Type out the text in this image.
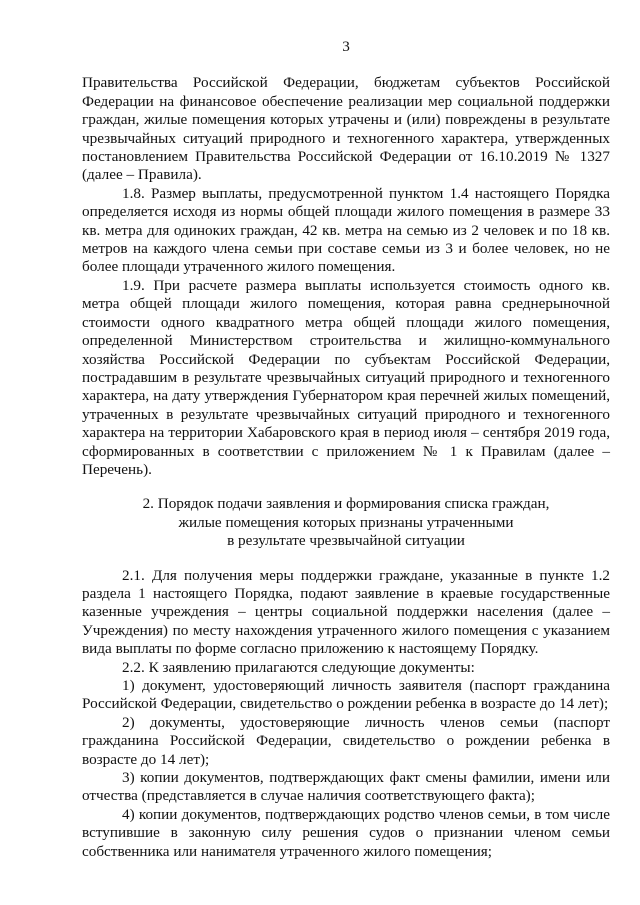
3

Правительства Российской Федерации, бюджетам субъектов Российской Федерации на финансовое обеспечение реализации мер социальной поддержки граждан, жилые помещения которых утрачены и (или) повреждены в результате чрезвычайных ситуаций природного и техногенного характера, утвержденных постановлением Правительства Российской Федерации от 16.10.2019 № 1327 (далее – Правила).

1.8. Размер выплаты, предусмотренной пунктом 1.4 настоящего Порядка определяется исходя из нормы общей площади жилого помещения в размере 33 кв. метра для одиноких граждан, 42 кв. метра на семью из 2 человек и по 18 кв. метров на каждого члена семьи при составе семьи из 3 и более человек, но не более площади утраченного жилого помещения.

1.9. При расчете размера выплаты используется стоимость одного кв. метра общей площади жилого помещения, которая равна среднерыночной стоимости одного квадратного метра общей площади жилого помещения, определенной Министерством строительства и жилищно-коммунального хозяйства Российской Федерации по субъектам Российской Федерации, пострадавшим в результате чрезвычайных ситуаций природного и техногенного характера, на дату утверждения Губернатором края перечней жилых помещений, утраченных в результате чрезвычайных ситуаций природного и техногенного характера на территории Хабаровского края в период июля – сентября 2019 года, сформированных в соответствии с приложением № 1 к Правилам (далее – Перечень).

2. Порядок подачи заявления и формирования списка граждан,
жилые помещения которых признаны утраченными
в результате чрезвычайной ситуации

2.1. Для получения меры поддержки граждане, указанные в пункте 1.2 раздела 1 настоящего Порядка, подают заявление в краевые государственные казенные учреждения – центры социальной поддержки населения (далее – Учреждения) по месту нахождения утраченного жилого помещения с указанием вида выплаты по форме согласно приложению к настоящему Порядку.

2.2. К заявлению прилагаются следующие документы:

1) документ, удостоверяющий личность заявителя (паспорт гражданина Российской Федерации, свидетельство о рождении ребенка в возрасте до 14 лет);

2) документы, удостоверяющие личность членов семьи (паспорт гражданина Российской Федерации, свидетельство о рождении ребенка в возрасте до 14 лет);

3) копии документов, подтверждающих факт смены фамилии, имени или отчества (представляется в случае наличия соответствующего факта);

4) копии документов, подтверждающих родство членов семьи, в том числе вступившие в законную силу решения судов о признании членом семьи собственника или нанимателя утраченного жилого помещения;
